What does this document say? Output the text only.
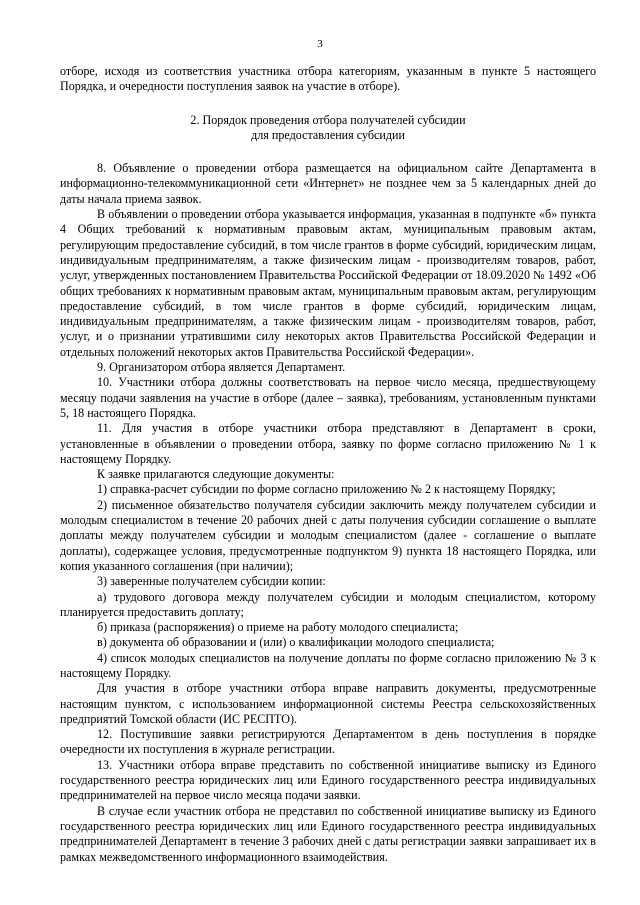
3

отборе, исходя из соответствия участника отбора категориям, указанным в пункте 5 настоящего Порядка, и очередности поступления заявок на участие в отборе).

2. Порядок проведения отбора получателей субсидии
для предоставления субсидии

8. Объявление о проведении отбора размещается на официальном сайте Департамента в информационно-телекоммуникационной сети «Интернет» не позднее чем за 5 календарных дней до даты начала приема заявок.

В объявлении о проведении отбора указывается информация, указанная в подпункте «б» пункта 4 Общих требований к нормативным правовым актам, муниципальным правовым актам, регулирующим предоставление субсидий, в том числе грантов в форме субсидий, юридическим лицам, индивидуальным предпринимателям, а также физическим лицам - производителям товаров, работ, услуг, утвержденных постановлением Правительства Российской Федерации от 18.09.2020 № 1492 «Об общих требованиях к нормативным правовым актам, муниципальным правовым актам, регулирующим предоставление субсидий, в том числе грантов в форме субсидий, юридическим лицам, индивидуальным предпринимателям, а также физическим лицам - производителям товаров, работ, услуг, и о признании утратившими силу некоторых актов Правительства Российской Федерации и отдельных положений некоторых актов Правительства Российской Федерации».

9. Организатором отбора является Департамент.

10. Участники отбора должны соответствовать на первое число месяца, предшествующему месяцу подачи заявления на участие в отборе (далее – заявка), требованиям, установленным пунктами 5, 18 настоящего Порядка.

11. Для участия в отборе участники отбора представляют в Департамент в сроки, установленные в объявлении о проведении отбора, заявку по форме согласно приложению № 1 к настоящему Порядку.

К заявке прилагаются следующие документы:

1) справка-расчет субсидии по форме согласно приложению № 2 к настоящему Порядку;

2) письменное обязательство получателя субсидии заключить между получателем субсидии и молодым специалистом в течение 20 рабочих дней с даты получения субсидии соглашение о выплате доплаты между получателем субсидии и молодым специалистом (далее - соглашение о выплате доплаты), содержащее условия, предусмотренные подпунктом 9) пункта 18 настоящего Порядка, или копия указанного соглашения (при наличии);

3) заверенные получателем субсидии копии:

а) трудового договора между получателем субсидии и молодым специалистом, которому планируется предоставить доплату;

б) приказа (распоряжения) о приеме на работу молодого специалиста;

в) документа об образовании и (или) о квалификации молодого специалиста;

4) список молодых специалистов на получение доплаты по форме согласно приложению № 3 к настоящему Порядку.

Для участия в отборе участники отбора вправе направить документы, предусмотренные настоящим пунктом, с использованием информационной системы Реестра сельскохозяйственных предприятий Томской области (ИС РЕСПТО).

12. Поступившие заявки регистрируются Департаментом в день поступления в порядке очередности их поступления в журнале регистрации.

13. Участники отбора вправе представить по собственной инициативе выписку из Единого государственного реестра юридических лиц или Единого государственного реестра индивидуальных предпринимателей на первое число месяца подачи заявки.

В случае если участник отбора не представил по собственной инициативе выписку из Единого государственного реестра юридических лиц или Единого государственного реестра индивидуальных предпринимателей Департамент в течение 3 рабочих дней с даты регистрации заявки запрашивает их в рамках межведомственного информационного взаимодействия.
